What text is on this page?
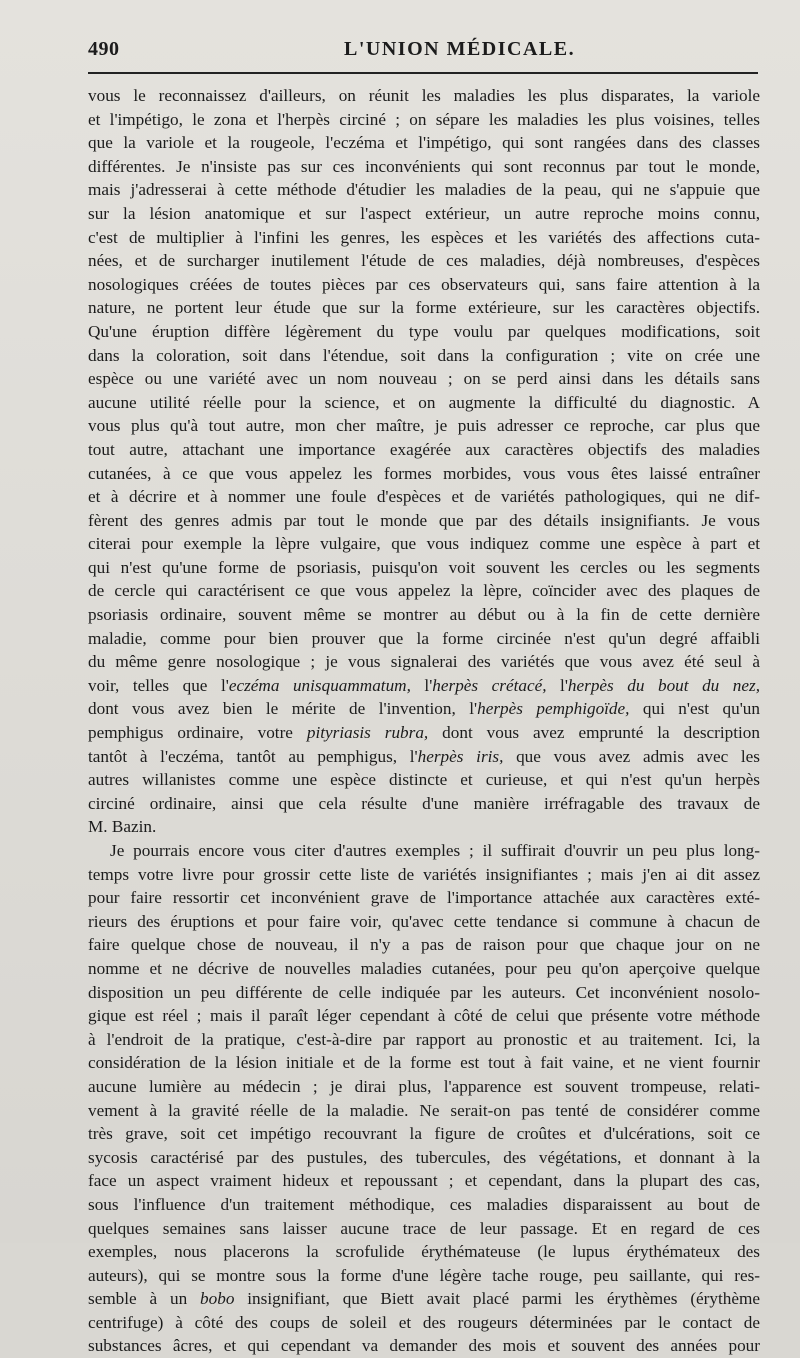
490	L'UNION MÉDICALE.

vous le reconnaissez d'ailleurs, on réunit les maladies les plus disparates, la variole
et l'impétigo, le zona et l'herpès circiné ; on sépare les maladies les plus voisines, telles
que la variole et la rougeole, l'eczéma et l'impétigo, qui sont rangées dans des classes
différentes. Je n'insiste pas sur ces inconvénients qui sont reconnus par tout le monde,
mais j'adresserai à cette méthode d'étudier les maladies de la peau, qui ne s'appuie que
sur la lésion anatomique et sur l'aspect extérieur, un autre reproche moins connu,
c'est de multiplier à l'infini les genres, les espèces et les variétés des affections cuta-
nées, et de surcharger inutilement l'étude de ces maladies, déjà nombreuses, d'espèces
nosologiques créées de toutes pièces par ces observateurs qui, sans faire attention à la
nature, ne portent leur étude que sur la forme extérieure, sur les caractères objectifs.
Qu'une éruption diffère légèrement du type voulu par quelques modifications, soit
dans la coloration, soit dans l'étendue, soit dans la configuration ; vite on crée une
espèce ou une variété avec un nom nouveau ; on se perd ainsi dans les détails sans
aucune utilité réelle pour la science, et on augmente la difficulté du diagnostic. A
vous plus qu'à tout autre, mon cher maître, je puis adresser ce reproche, car plus que
tout autre, attachant une importance exagérée aux caractères objectifs des maladies
cutanées, à ce que vous appelez les formes morbides, vous vous êtes laissé entraîner
et à décrire et à nommer une foule d'espèces et de variétés pathologiques, qui ne dif-
fèrent des genres admis par tout le monde que par des détails insignifiants. Je vous
citerai pour exemple la lèpre vulgaire, que vous indiquez comme une espèce à part et
qui n'est qu'une forme de psoriasis, puisqu'on voit souvent les cercles ou les segments
de cercle qui caractérisent ce que vous appelez la lèpre, coïncider avec des plaques de
psoriasis ordinaire, souvent même se montrer au début ou à la fin de cette dernière
maladie, comme pour bien prouver que la forme circinée n'est qu'un degré affaibli
du même genre nosologique ; je vous signalerai des variétés que vous avez été seul à
voir, telles que l'eczéma unisquammatum, l'herpès crétacé, l'herpès du bout du nez,
dont vous avez bien le mérite de l'invention, l'herpès pemphigoïde, qui n'est qu'un
pemphigus ordinaire, votre pityriasis rubra, dont vous avez emprunté la description
tantôt à l'eczéma, tantôt au pemphigus, l'herpès iris, que vous avez admis avec les
autres willanistes comme une espèce distincte et curieuse, et qui n'est qu'un herpès
circiné ordinaire, ainsi que cela résulte d'une manière irréfragable des travaux de
M. Bazin.

Je pourrais encore vous citer d'autres exemples ; il suffirait d'ouvrir un peu plus long-
temps votre livre pour grossir cette liste de variétés insignifiantes ; mais j'en ai dit assez
pour faire ressortir cet inconvénient grave de l'importance attachée aux caractères exté-
rieurs des éruptions et pour faire voir, qu'avec cette tendance si commune à chacun de
faire quelque chose de nouveau, il n'y a pas de raison pour que chaque jour on ne
nomme et ne décrive de nouvelles maladies cutanées, pour peu qu'on aperçoive quelque
disposition un peu différente de celle indiquée par les auteurs. Cet inconvénient nosolo-
gique est réel ; mais il paraît léger cependant à côté de celui que présente votre méthode
à l'endroit de la pratique, c'est-à-dire par rapport au pronostic et au traitement. Ici, la
considération de la lésion initiale et de la forme est tout à fait vaine, et ne vient fournir
aucune lumière au médecin ; je dirai plus, l'apparence est souvent trompeuse, relati-
vement à la gravité réelle de la maladie. Ne serait-on pas tenté de considérer comme
très grave, soit cet impétigo recouvrant la figure de croûtes et d'ulcérations, soit ce
sycosis caractérisé par des pustules, des tubercules, des végétations, et donnant à la
face un aspect vraiment hideux et repoussant ; et cependant, dans la plupart des cas,
sous l'influence d'un traitement méthodique, ces maladies disparaissent au bout de
quelques semaines sans laisser aucune trace de leur passage. Et en regard de ces
exemples, nous placerons la scrofulide érythémateuse (le lupus érythémateux des
auteurs), qui se montre sous la forme d'une légère tache rouge, peu saillante, qui res-
semble à un bobo insignifiant, que Biett avait placé parmi les érythèmes (érythème
centrifuge) à côté des coups de soleil et des rougeurs déterminées par le contact de
substances âcres, et qui cependant va demander des mois et souvent des années pour
